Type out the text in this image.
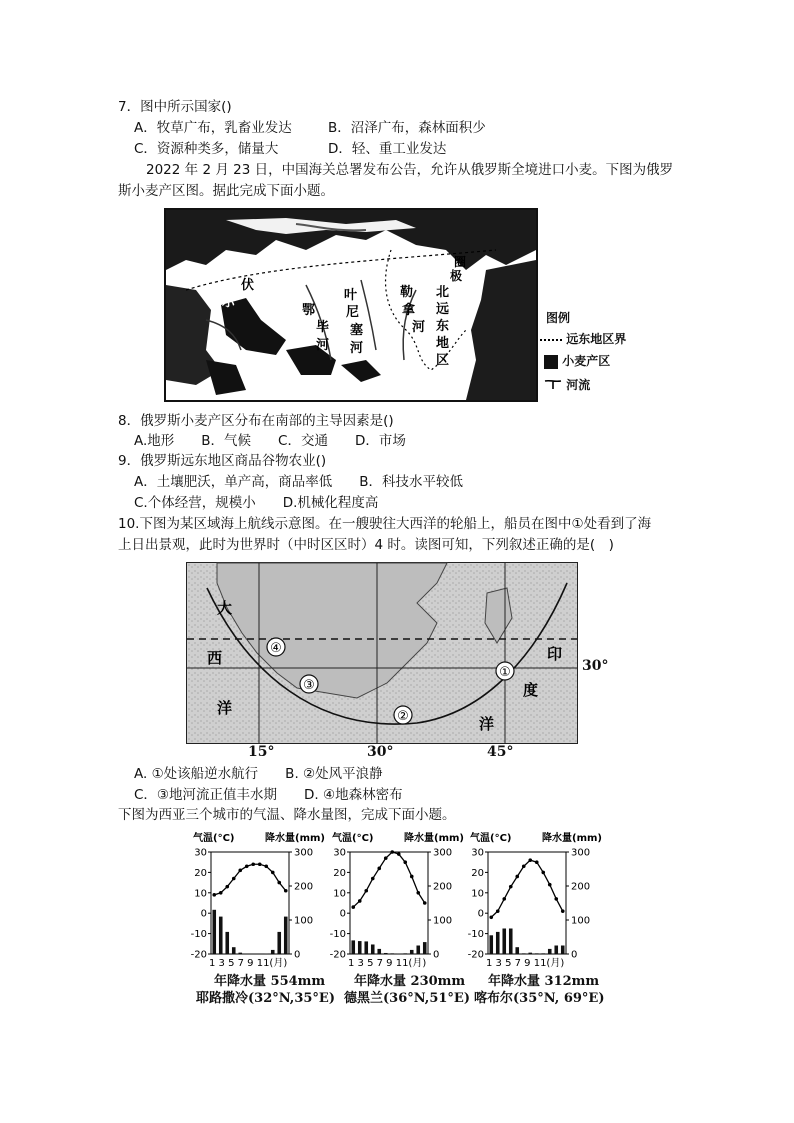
7．图中所示国家()
A．牧草广布，乳畜业发达	B．沼泽广布，森林面积少
C．资源种类多，储量大	D．轻、重工业发达
2022 年 2 月 23 日，中国海关总署发布公告，允许从俄罗斯全境进口小麦。下图为俄罗
斯小麦产区图。据此完成下面小题。
伏
尔
鄂
毕
河
叶
尼
塞
河
勒
拿
河
圈
极
北
远
东
地
区
图例
远东地区界
小麦产区
河流
8．俄罗斯小麦产区分布在南部的主导因素是()
A.地形　　B．气候　　C．交通　　D．市场
9．俄罗斯远东地区商品谷物农业()
A．土壤肥沃，单产高，商品率低　　B．科技水平较低
C.个体经营，规模小　　D.机械化程度高
10.下图为某区域海上航线示意图。在一艘驶往大西洋的轮船上，船员在图中①处看到了海
上日出景观，此时为世界时（中时区区时）4 时。读图可知，下列叙述正确的是(　)
④
③
②
①
大
西
洋
印
度
洋
30°
15°	30°	45°
A. ①处该船逆水航行　　B. ②处风平浪静
C．③地河流正值丰水期　　D. ④地森林密布
下图为西亚三个城市的气温、降水量图，完成下面小题。
气温(°C)	降水量(mm)
30
20
10
0
-10
-20
300
200
100
0
1 3 5 7 9 11(月)
气温(°C)	降水量(mm)
30
20
10
0
-10
-20
300
200
100
0
1 3 5 7 9 11(月)
气温(°C)	降水量(mm)
30
20
10
0
-10
-20
300
200
100
0
1 3 5 7 9 11(月)
年降水量 554mm
耶路撒冷(32°N,35°E)
年降水量 230mm
德黑兰(36°N,51°E)
年降水量 312mm
喀布尔(35°N, 69°E)
